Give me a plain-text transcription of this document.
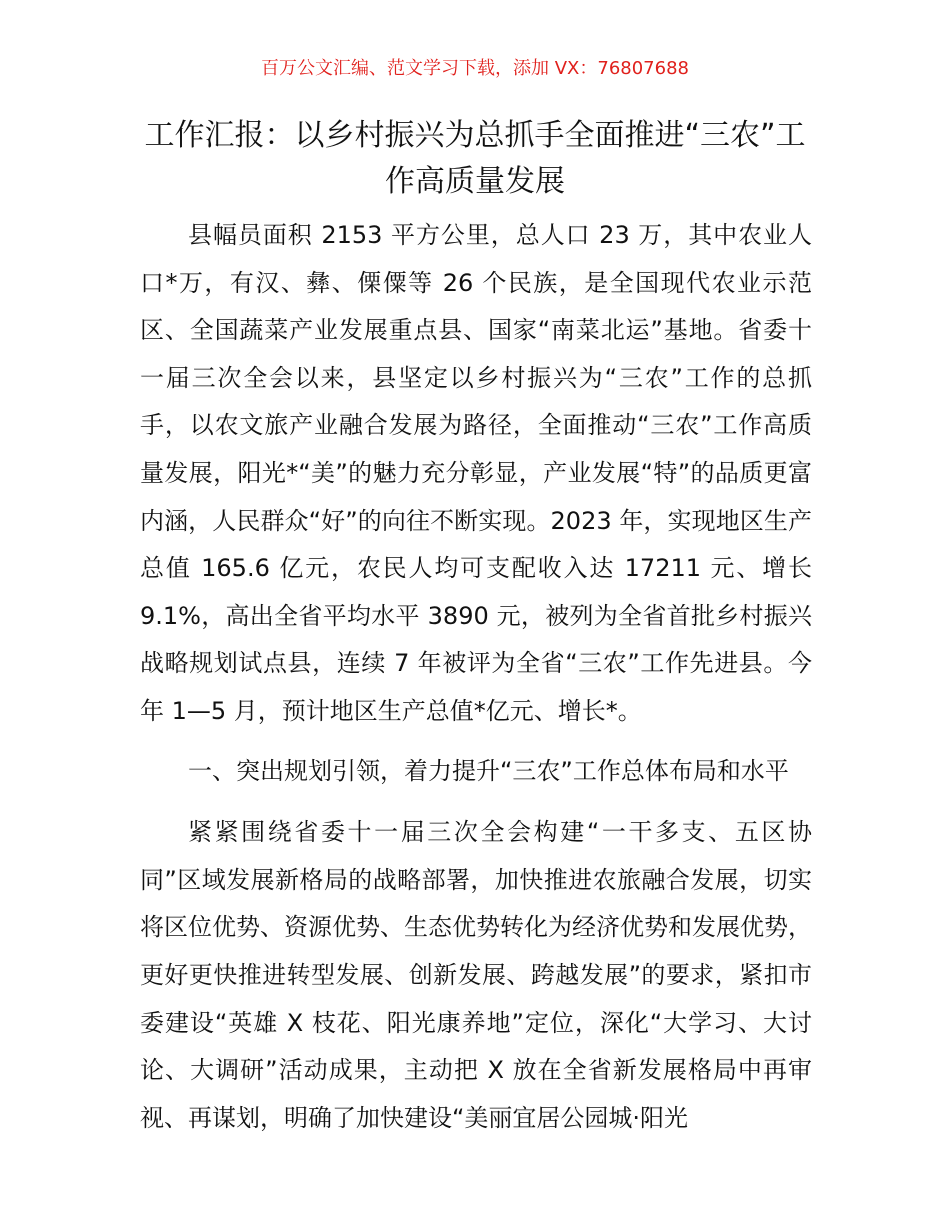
百万公文汇编、范文学习下载，添加 VX：76807688
工作汇报：以乡村振兴为总抓手全面推进“三农”工作高质量发展

县幅员面积 2153 平方公里，总人口 23 万，其中农业人口*万，有汉、彝、傈僳等 26 个民族，是全国现代农业示范区、全国蔬菜产业发展重点县、国家“南菜北运”基地。省委十一届三次全会以来，县坚定以乡村振兴为“三农”工作的总抓手，以农文旅产业融合发展为路径，全面推动“三农”工作高质量发展，阳光*“美”的魅力充分彰显，产业发展“特”的品质更富内涵，人民群众“好”的向往不断实现。2023 年，实现地区生产总值 165.6 亿元，农民人均可支配收入达 17211 元、增长 9.1%，高出全省平均水平 3890 元，被列为全省首批乡村振兴战略规划试点县，连续 7 年被评为全省“三农”工作先进县。今年 1—5 月，预计地区生产总值*亿元、增长*。

一、突出规划引领，着力提升“三农”工作总体布局和水平

紧紧围绕省委十一届三次全会构建“一干多支、五区协同”区域发展新格局的战略部署，加快推进农旅融合发展，切实将区位优势、资源优势、生态优势转化为经济优势和发展优势，更好更快推进转型发展、创新发展、跨越发展”的要求，紧扣市委建设“英雄 X 枝花、阳光康养地”定位，深化“大学习、大讨论、大调研”活动成果，主动把 X 放在全省新发展格局中再审视、再谋划，明确了加快建设“美丽宜居公园城·阳光
